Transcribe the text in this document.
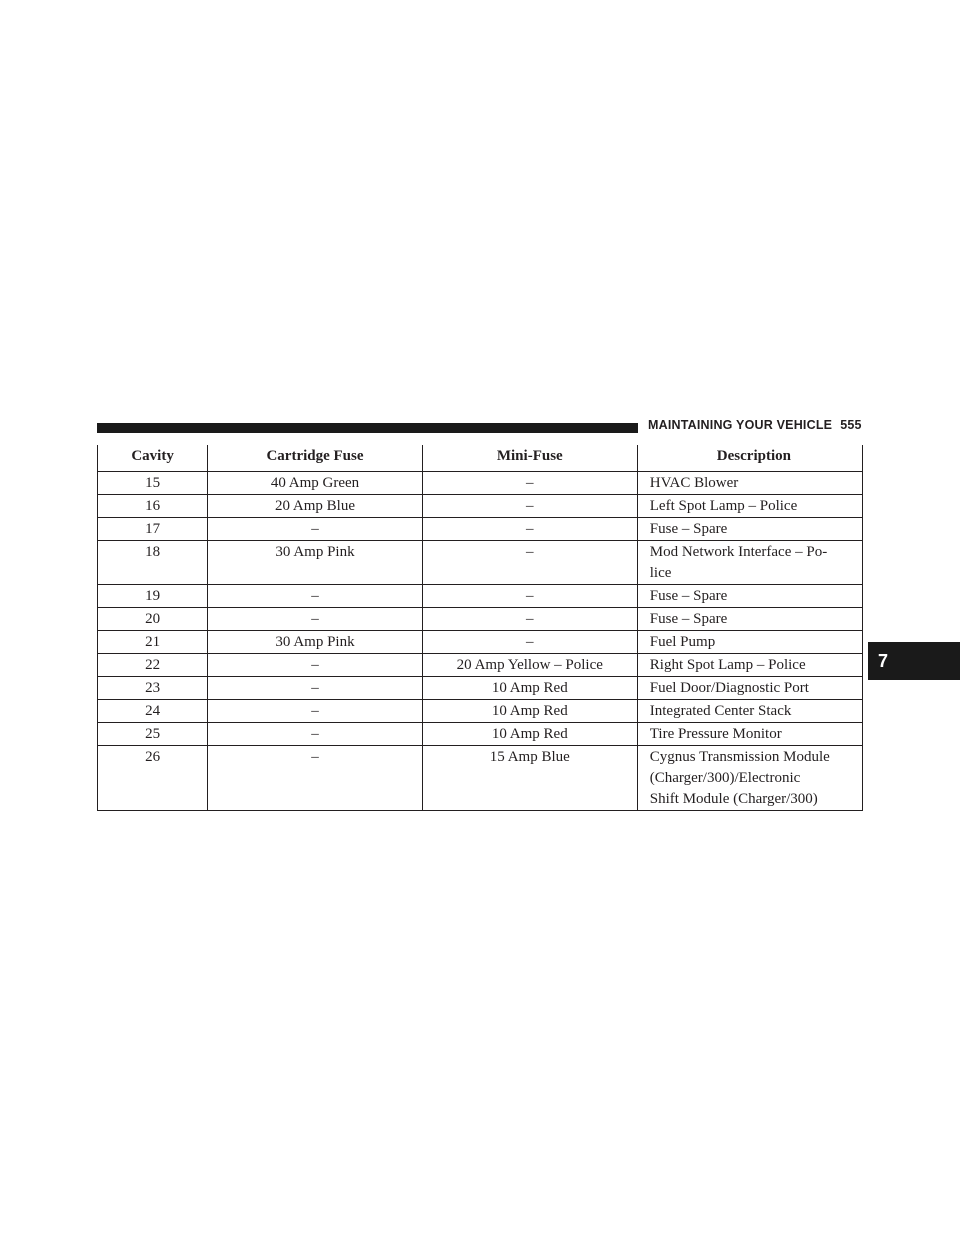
MAINTAINING YOUR VEHICLE 555
7
Cavity	Cartridge Fuse	Mini-Fuse	Description
15	40 Amp Green	–	HVAC Blower
16	20 Amp Blue	–	Left Spot Lamp – Police
17	–	–	Fuse – Spare
18	30 Amp Pink	–	Mod Network Interface – Po-
lice
19	–	–	Fuse – Spare
20	–	–	Fuse – Spare
21	30 Amp Pink	–	Fuel Pump
22	–	20 Amp Yellow – Police	Right Spot Lamp – Police
23	–	10 Amp Red	Fuel Door/Diagnostic Port
24	–	10 Amp Red	Integrated Center Stack
25	–	10 Amp Red	Tire Pressure Monitor
26	–	15 Amp Blue	Cygnus Transmission Module
(Charger/300)/Electronic
Shift Module (Charger/300)
